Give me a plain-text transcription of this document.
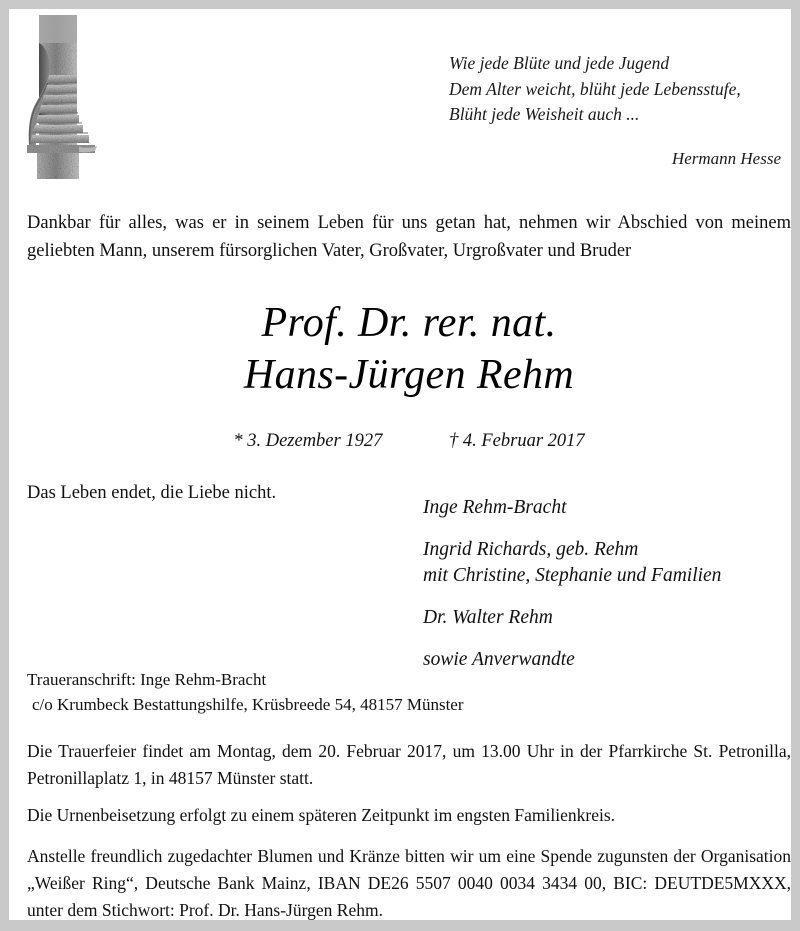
Wie jede Blüte und jede Jugend
Dem Alter weicht, blüht jede Lebensstufe,
Blüht jede Weisheit auch ...
Hermann Hesse
Dankbar für alles, was er in seinem Leben für uns getan hat, nehmen wir Abschied von meinem geliebten Mann, unserem fürsorglichen Vater, Großvater, Urgroßvater und Bruder
Prof. Dr. rer. nat.
Hans-Jürgen Rehm
* 3. Dezember 1927	† 4. Februar 2017
Das Leben endet, die Liebe nicht.
Inge Rehm-Bracht
Ingrid Richards, geb. Rehm
mit Christine, Stephanie und Familien
Dr. Walter Rehm
sowie Anverwandte
Traueranschrift: Inge Rehm-Bracht
c/o Krumbeck Bestattungshilfe, Krüsbreede 54, 48157 Münster
Die Trauerfeier findet am Montag, dem 20. Februar 2017, um 13.00 Uhr in der Pfarrkirche St. Petronilla, Petronillaplatz 1, in 48157 Münster statt.
Die Urnenbeisetzung erfolgt zu einem späteren Zeitpunkt im engsten Familienkreis.
Anstelle freundlich zugedachter Blumen und Kränze bitten wir um eine Spende zugunsten der Organisation „Weißer Ring“, Deutsche Bank Mainz, IBAN DE26 5507 0040 0034 3434 00, BIC: DEUTDE5MXXX, unter dem Stichwort: Prof. Dr. Hans-Jürgen Rehm.
